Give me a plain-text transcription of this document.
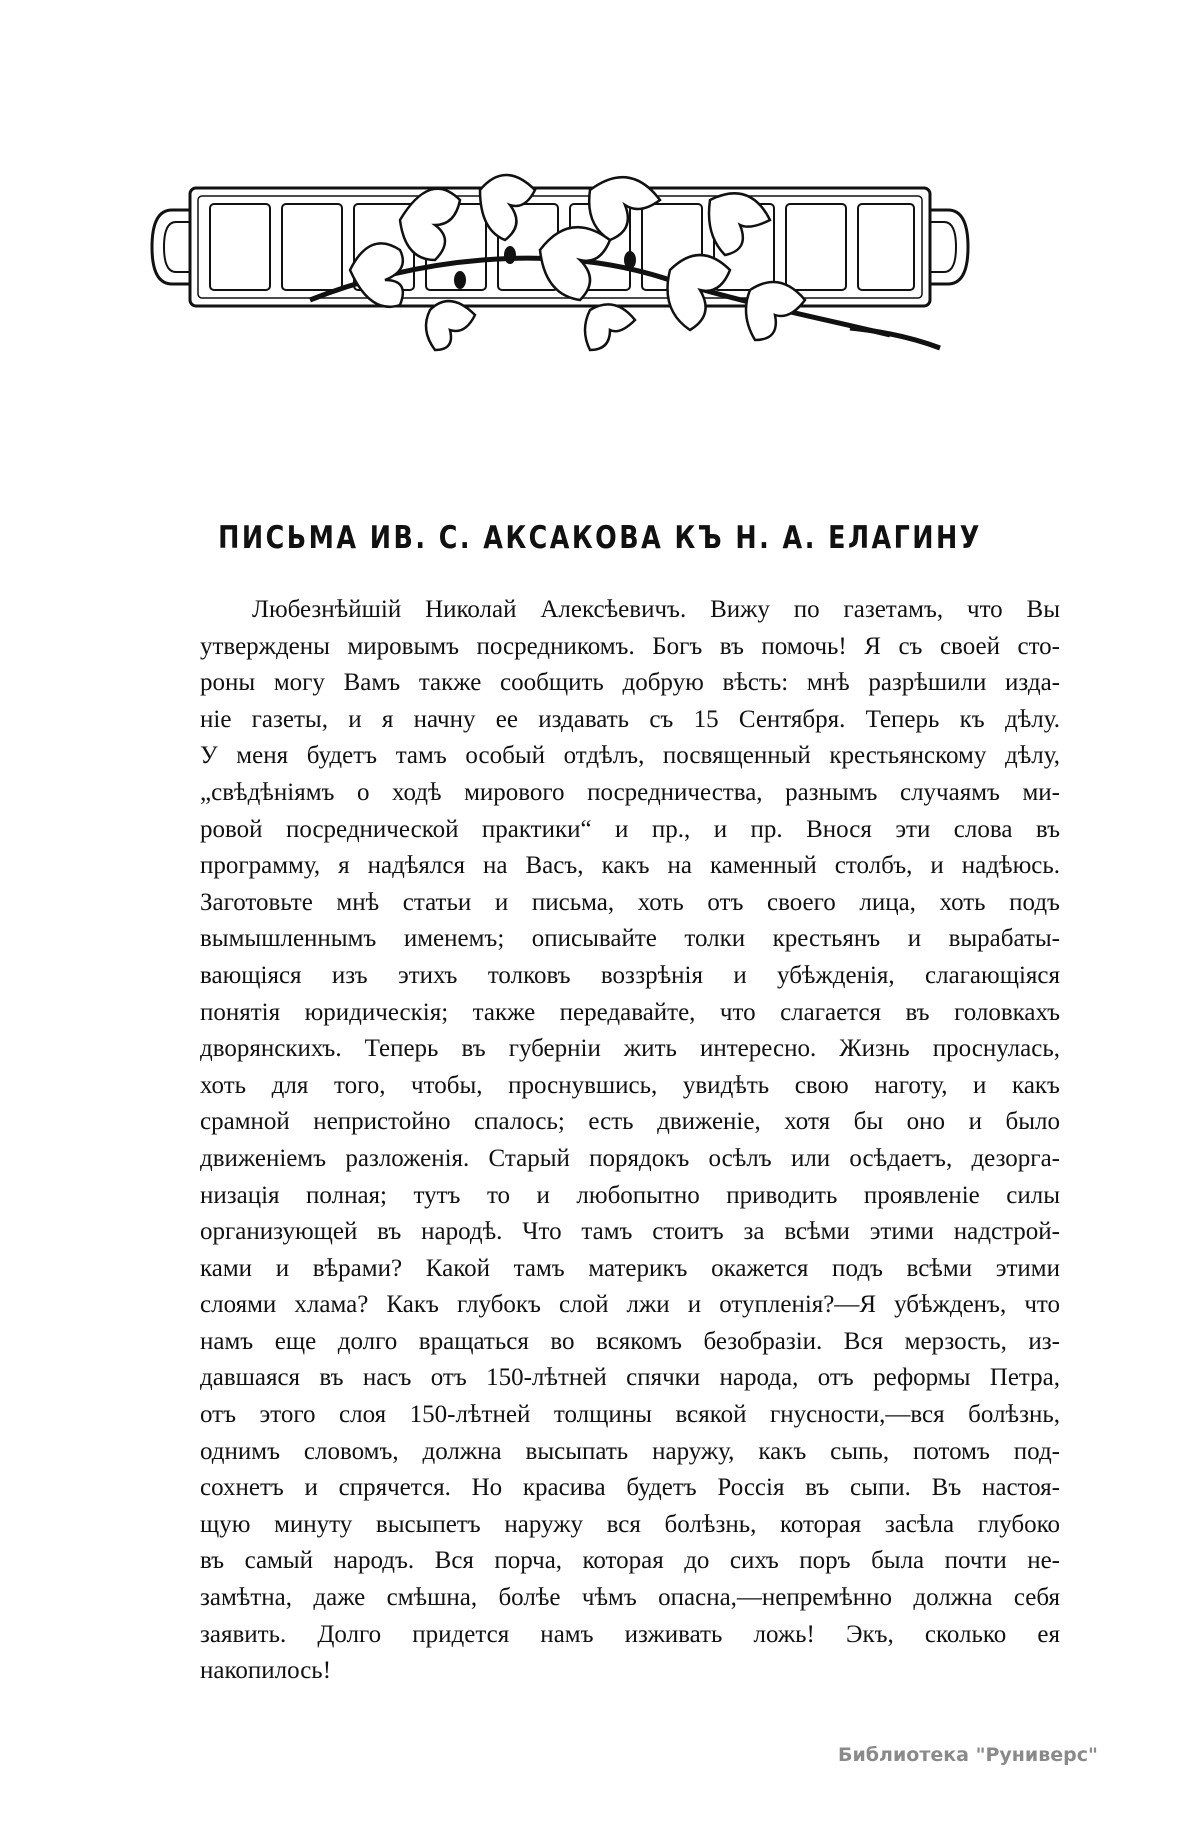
ПИСЬМА ИВ. С. АКСАКОВА КЪ Н. А. ЕЛАГИНУ
Любезнѣйшій Николай Алексѣевичъ. Вижу по газетамъ, что Вы
утверждены мировымъ посредникомъ. Богъ въ помочь! Я съ своей сто-
роны могу Вамъ также сообщить добрую вѣсть: мнѣ разрѣшили изда-
ніе газеты, и я начну ее издавать съ 15 Сентября. Теперь къ дѣлу.
У меня будетъ тамъ особый отдѣлъ, посвященный крестьянскому дѣлу,
„свѣдѣніямъ о ходѣ мирового посредничества, разнымъ случаямъ ми-
ровой посреднической практики“ и пр., и пр. Внося эти слова въ
программу, я надѣялся на Васъ, какъ на каменный столбъ, и надѣюсь.
Заготовьте мнѣ статьи и письма, хоть отъ своего лица, хоть подъ
вымышленнымъ именемъ; описывайте толки крестьянъ и вырабаты-
вающіяся изъ этихъ толковъ воззрѣнія и убѣжденія, слагающіяся
понятія юридическія; также передавайте, что слагается въ головкахъ
дворянскихъ. Теперь въ губерніи жить интересно. Жизнь проснулась,
хоть для того, чтобы, проснувшись, увидѣть свою наготу, и какъ
срамной непристойно спалось; есть движеніе, хотя бы оно и было
движеніемъ разложенія. Старый порядокъ осѣлъ или осѣдаетъ, дезорга-
низація полная; тутъ то и любопытно приводить проявленіе силы
организующей въ народѣ. Что тамъ стоитъ за всѣми этими надстрой-
ками и вѣрами? Какой тамъ материкъ окажется подъ всѣми этими
слоями хлама? Какъ глубокъ слой лжи и отупленія?—Я убѣжденъ, что
намъ еще долго вращаться во всякомъ безобразіи. Вся мерзость, из-
давшаяся въ насъ отъ 150-лѣтней спячки народа, отъ реформы Петра,
отъ этого слоя 150-лѣтней толщины всякой гнусности,—вся болѣзнь,
однимъ словомъ, должна высыпать наружу, какъ сыпь, потомъ под-
сохнетъ и спрячется. Но красива будетъ Россія въ сыпи. Въ настоя-
щую минуту высыпетъ наружу вся болѣзнь, которая засѣла глубоко
въ самый народъ. Вся порча, которая до сихъ поръ была почти не-
замѣтна, даже смѣшна, болѣе чѣмъ опасна,—непремѣнно должна себя
заявить. Долго придется намъ изживать ложь! Экъ, сколько ея
накопилось!
Библиотека "Руниверс"
